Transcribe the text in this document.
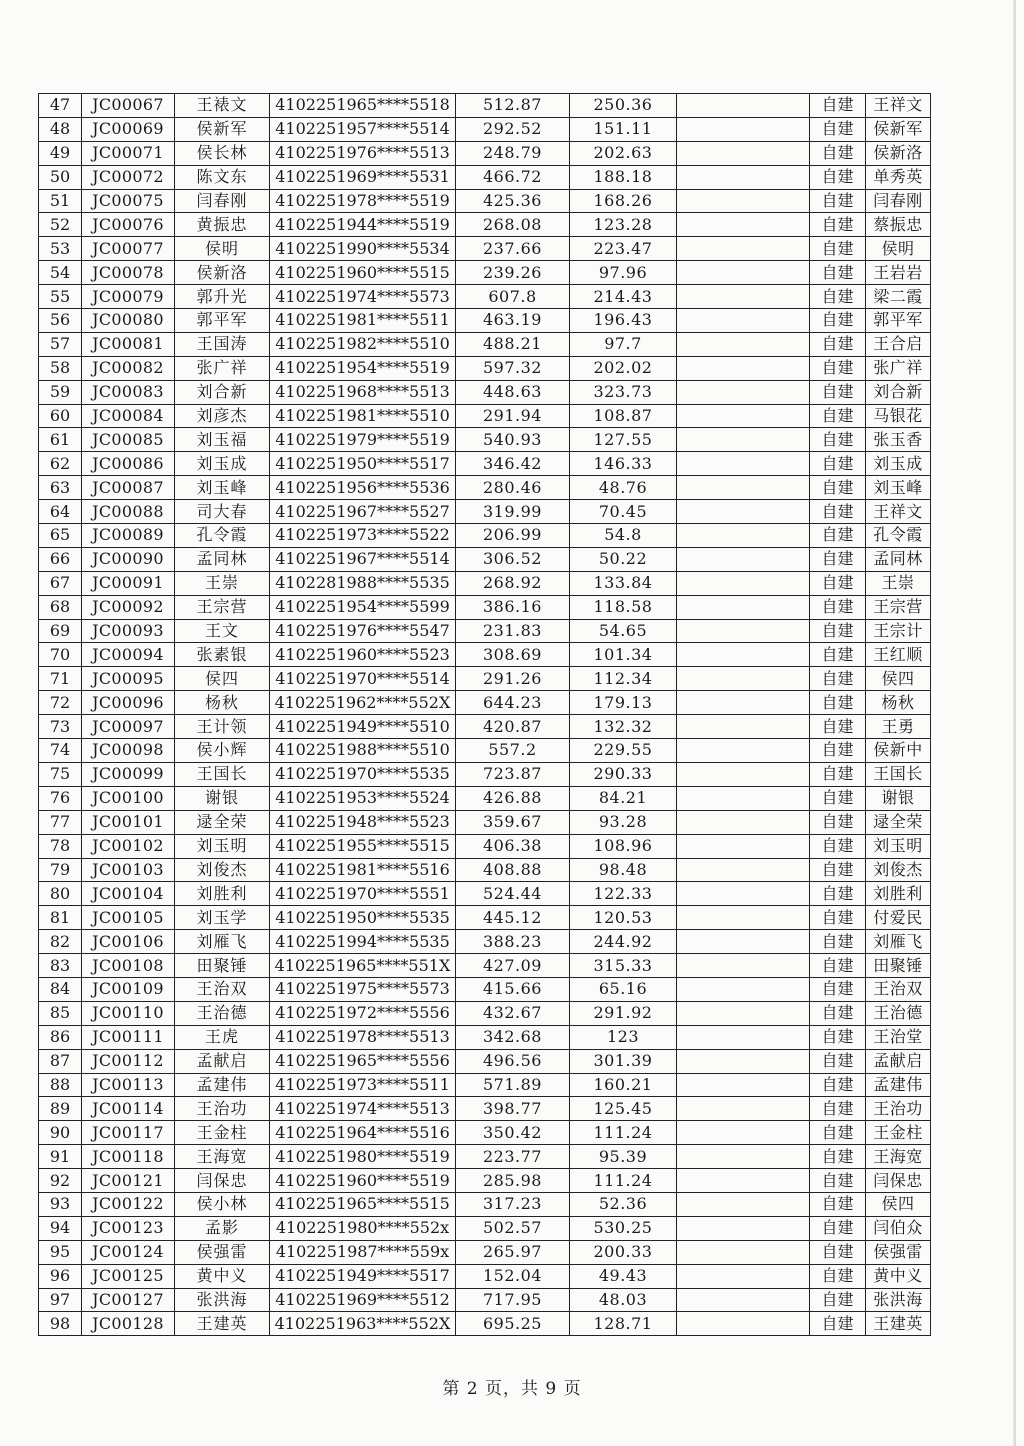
47	JC00067	王裱文	4102251965****5518	512.87	250.36		自建	王祥文
48	JC00069	侯新军	4102251957****5514	292.52	151.11		自建	侯新军
49	JC00071	侯长林	4102251976****5513	248.79	202.63		自建	侯新洛
50	JC00072	陈文东	4102251969****5531	466.72	188.18		自建	单秀英
51	JC00075	闫春刚	4102251978****5519	425.36	168.26		自建	闫春刚
52	JC00076	黄振忠	4102251944****5519	268.08	123.28		自建	蔡振忠
53	JC00077	侯明	4102251990****5534	237.66	223.47		自建	侯明
54	JC00078	侯新洛	4102251960****5515	239.26	97.96		自建	王岩岩
55	JC00079	郭升光	4102251974****5573	607.8	214.43		自建	梁二霞
56	JC00080	郭平军	4102251981****5511	463.19	196.43		自建	郭平军
57	JC00081	王国涛	4102251982****5510	488.21	97.7		自建	王合启
58	JC00082	张广祥	4102251954****5519	597.32	202.02		自建	张广祥
59	JC00083	刘合新	4102251968****5513	448.63	323.73		自建	刘合新
60	JC00084	刘彦杰	4102251981****5510	291.94	108.87		自建	马银花
61	JC00085	刘玉福	4102251979****5519	540.93	127.55		自建	张玉香
62	JC00086	刘玉成	4102251950****5517	346.42	146.33		自建	刘玉成
63	JC00087	刘玉峰	4102251956****5536	280.46	48.76		自建	刘玉峰
64	JC00088	司大春	4102251967****5527	319.99	70.45		自建	王祥文
65	JC00089	孔令霞	4102251973****5522	206.99	54.8		自建	孔令霞
66	JC00090	孟同林	4102251967****5514	306.52	50.22		自建	孟同林
67	JC00091	王崇	4102281988****5535	268.92	133.84		自建	王崇
68	JC00092	王宗营	4102251954****5599	386.16	118.58		自建	王宗营
69	JC00093	王文	4102251976****5547	231.83	54.65		自建	王宗计
70	JC00094	张素银	4102251960****5523	308.69	101.34		自建	王红顺
71	JC00095	侯四	4102251970****5514	291.26	112.34		自建	侯四
72	JC00096	杨秋	4102251962****552X	644.23	179.13		自建	杨秋
73	JC00097	王计领	4102251949****5510	420.87	132.32		自建	王勇
74	JC00098	侯小辉	4102251988****5510	557.2	229.55		自建	侯新中
75	JC00099	王国长	4102251970****5535	723.87	290.33		自建	王国长
76	JC00100	谢银	4102251953****5524	426.88	84.21		自建	谢银
77	JC00101	逯全荣	4102251948****5523	359.67	93.28		自建	逯全荣
78	JC00102	刘玉明	4102251955****5515	406.38	108.96		自建	刘玉明
79	JC00103	刘俊杰	4102251981****5516	408.88	98.48		自建	刘俊杰
80	JC00104	刘胜利	4102251970****5551	524.44	122.33		自建	刘胜利
81	JC00105	刘玉学	4102251950****5535	445.12	120.53		自建	付爱民
82	JC00106	刘雁飞	4102251994****5535	388.23	244.92		自建	刘雁飞
83	JC00108	田聚锤	4102251965****551X	427.09	315.33		自建	田聚锤
84	JC00109	王治双	4102251975****5573	415.66	65.16		自建	王治双
85	JC00110	王治德	4102251972****5556	432.67	291.92		自建	王治德
86	JC00111	王虎	4102251978****5513	342.68	123		自建	王治堂
87	JC00112	孟献启	4102251965****5556	496.56	301.39		自建	孟献启
88	JC00113	孟建伟	4102251973****5511	571.89	160.21		自建	孟建伟
89	JC00114	王治功	4102251974****5513	398.77	125.45		自建	王治功
90	JC00117	王金柱	4102251964****5516	350.42	111.24		自建	王金柱
91	JC00118	王海宽	4102251980****5519	223.77	95.39		自建	王海宽
92	JC00121	闫保忠	4102251960****5519	285.98	111.24		自建	闫保忠
93	JC00122	侯小林	4102251965****5515	317.23	52.36		自建	侯四
94	JC00123	孟影	4102251980****552x	502.57	530.25		自建	闫伯众
95	JC00124	侯强雷	4102251987****559x	265.97	200.33		自建	侯强雷
96	JC00125	黄中义	4102251949****5517	152.04	49.43		自建	黄中义
97	JC00127	张洪海	4102251969****5512	717.95	48.03		自建	张洪海
98	JC00128	王建英	4102251963****552X	695.25	128.71		自建	王建英
第 2 页，共 9 页
